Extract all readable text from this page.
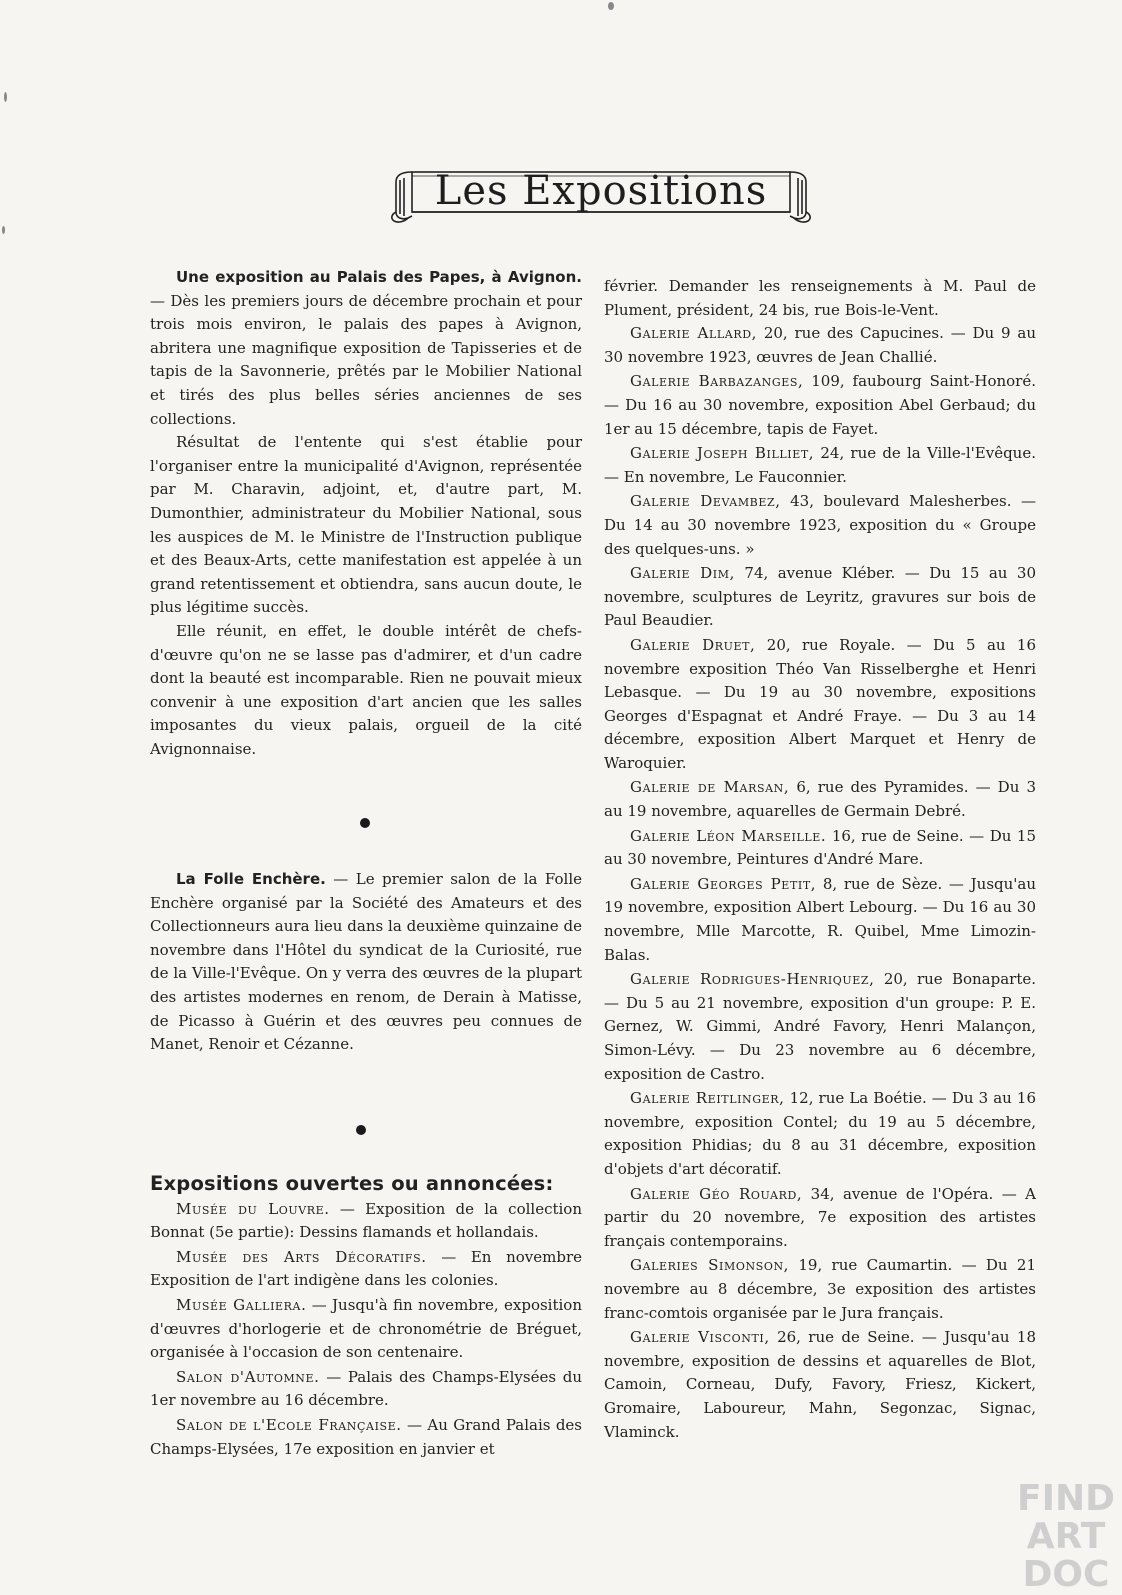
Les Expositions

Une exposition au Palais des Papes, à Avignon. — Dès les premiers jours de décembre prochain et pour trois mois environ, le palais des papes à Avignon, abritera une magnifique exposition de Tapisseries et de tapis de la Savonnerie, prêtés par le Mobilier National et tirés des plus belles séries anciennes de ses collections.

Résultat de l'entente qui s'est établie pour l'organiser entre la municipalité d'Avignon, représentée par M. Charavin, adjoint, et, d'autre part, M. Dumonthier, administrateur du Mobilier National, sous les auspices de M. le Ministre de l'Instruction publique et des Beaux-Arts, cette manifestation est appelée à un grand retentissement et obtiendra, sans aucun doute, le plus légitime succès.

Elle réunit, en effet, le double intérêt de chefs-d'œuvre qu'on ne se lasse pas d'admirer, et d'un cadre dont la beauté est incomparable. Rien ne pouvait mieux convenir à une exposition d'art ancien que les salles imposantes du vieux palais, orgueil de la cité Avignonnaise.

La Folle Enchère. — Le premier salon de la Folle Enchère organisé par la Société des Amateurs et des Collectionneurs aura lieu dans la deuxième quinzaine de novembre dans l'Hôtel du syndicat de la Curiosité, rue de la Ville-l'Evêque. On y verra des œuvres de la plupart des artistes modernes en renom, de Derain à Matisse, de Picasso à Guérin et des œuvres peu connues de Manet, Renoir et Cézanne.

Expositions ouvertes ou annoncées:

Musée du Louvre. — Exposition de la collection Bonnat (5e partie): Dessins flamands et hollandais.

Musée des Arts Décoratifs. — En novembre Exposition de l'art indigène dans les colonies.

Musée Galliera. — Jusqu'à fin novembre, exposition d'œuvres d'horlogerie et de chronométrie de Bréguet, organisée à l'occasion de son centenaire.

Salon d'Automne. — Palais des Champs-Elysées du 1er novembre au 16 décembre.

Salon de l'Ecole Française. — Au Grand Palais des Champs-Elysées, 17e exposition en janvier et

février. Demander les renseignements à M. Paul de Plument, président, 24 bis, rue Bois-le-Vent.

Galerie Allard, 20, rue des Capucines. — Du 9 au 30 novembre 1923, œuvres de Jean Challié.

Galerie Barbazanges, 109, faubourg Saint-Honoré. — Du 16 au 30 novembre, exposition Abel Gerbaud; du 1er au 15 décembre, tapis de Fayet.

Galerie Joseph Billiet, 24, rue de la Ville-l'Evêque. — En novembre, Le Fauconnier.

Galerie Devambez, 43, boulevard Malesherbes. — Du 14 au 30 novembre 1923, exposition du « Groupe des quelques-uns. »

Galerie Dim, 74, avenue Kléber. — Du 15 au 30 novembre, sculptures de Leyritz, gravures sur bois de Paul Beaudier.

Galerie Druet, 20, rue Royale. — Du 5 au 16 novembre exposition Théo Van Risselberghe et Henri Lebasque. — Du 19 au 30 novembre, expositions Georges d'Espagnat et André Fraye. — Du 3 au 14 décembre, exposition Albert Marquet et Henry de Waroquier.

Galerie de Marsan, 6, rue des Pyramides. — Du 3 au 19 novembre, aquarelles de Germain Debré.

Galerie Léon Marseille. 16, rue de Seine. — Du 15 au 30 novembre, Peintures d'André Mare.

Galerie Georges Petit, 8, rue de Sèze. — Jusqu'au 19 novembre, exposition Albert Lebourg. — Du 16 au 30 novembre, Mlle Marcotte, R. Quibel, Mme Limozin-Balas.

Galerie Rodrigues-Henriquez, 20, rue Bonaparte. — Du 5 au 21 novembre, exposition d'un groupe: P. E. Gernez, W. Gimmi, André Favory, Henri Malançon, Simon-Lévy. — Du 23 novembre au 6 décembre, exposition de Castro.

Galerie Reitlinger, 12, rue La Boétie. — Du 3 au 16 novembre, exposition Contel; du 19 au 5 décembre, exposition Phidias; du 8 au 31 décembre, exposition d'objets d'art décoratif.

Galerie Géo Rouard, 34, avenue de l'Opéra. — A partir du 20 novembre, 7e exposition des artistes français contemporains.

Galeries Simonson, 19, rue Caumartin. — Du 21 novembre au 8 décembre, 3e exposition des artistes franc-comtois organisée par le Jura français.

Galerie Visconti, 26, rue de Seine. — Jusqu'au 18 novembre, exposition de dessins et aquarelles de Blot, Camoin, Corneau, Dufy, Favory, Friesz, Kickert, Gromaire, Laboureur, Mahn, Segonzac, Signac, Vlaminck.

FIND
ART
DOC
